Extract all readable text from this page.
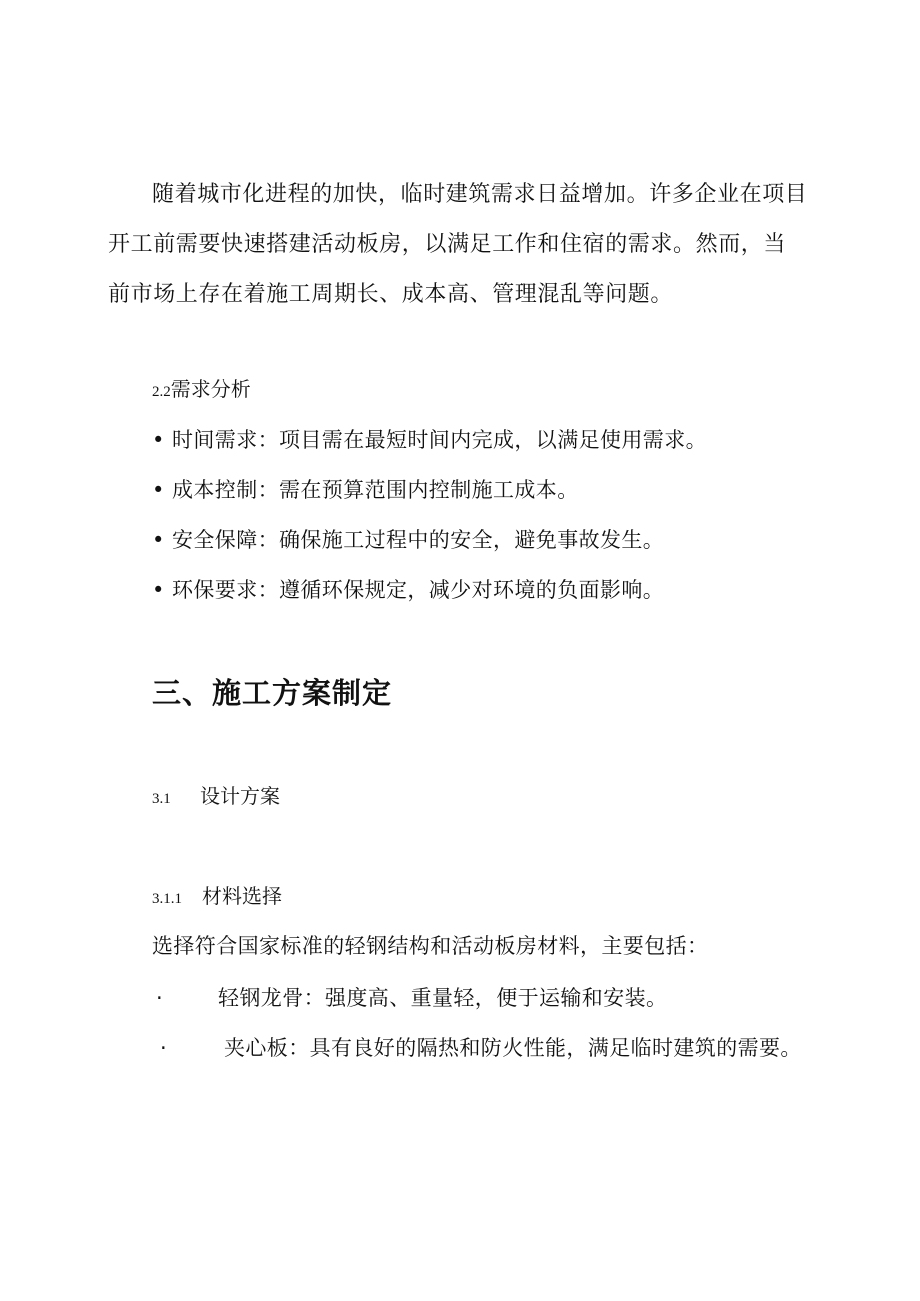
随着城市化进程的加快，临时建筑需求日益增加。许多企业在项目开工前需要快速搭建活动板房，以满足工作和住宿的需求。然而，当前市场上存在着施工周期长、成本高、管理混乱等问题。
2.2需求分析
• 时间需求：项目需在最短时间内完成，以满足使用需求。
• 成本控制：需在预算范围内控制施工成本。
• 安全保障：确保施工过程中的安全，避免事故发生。
• 环保要求：遵循环保规定，减少对环境的负面影响。
三、施工方案制定
3.1 设计方案
3.1.1 材料选择
选择符合国家标准的轻钢结构和活动板房材料，主要包括：
·	轻钢龙骨：强度高、重量轻，便于运输和安装。
·	夹心板：具有良好的隔热和防火性能，满足临时建筑的需要。
